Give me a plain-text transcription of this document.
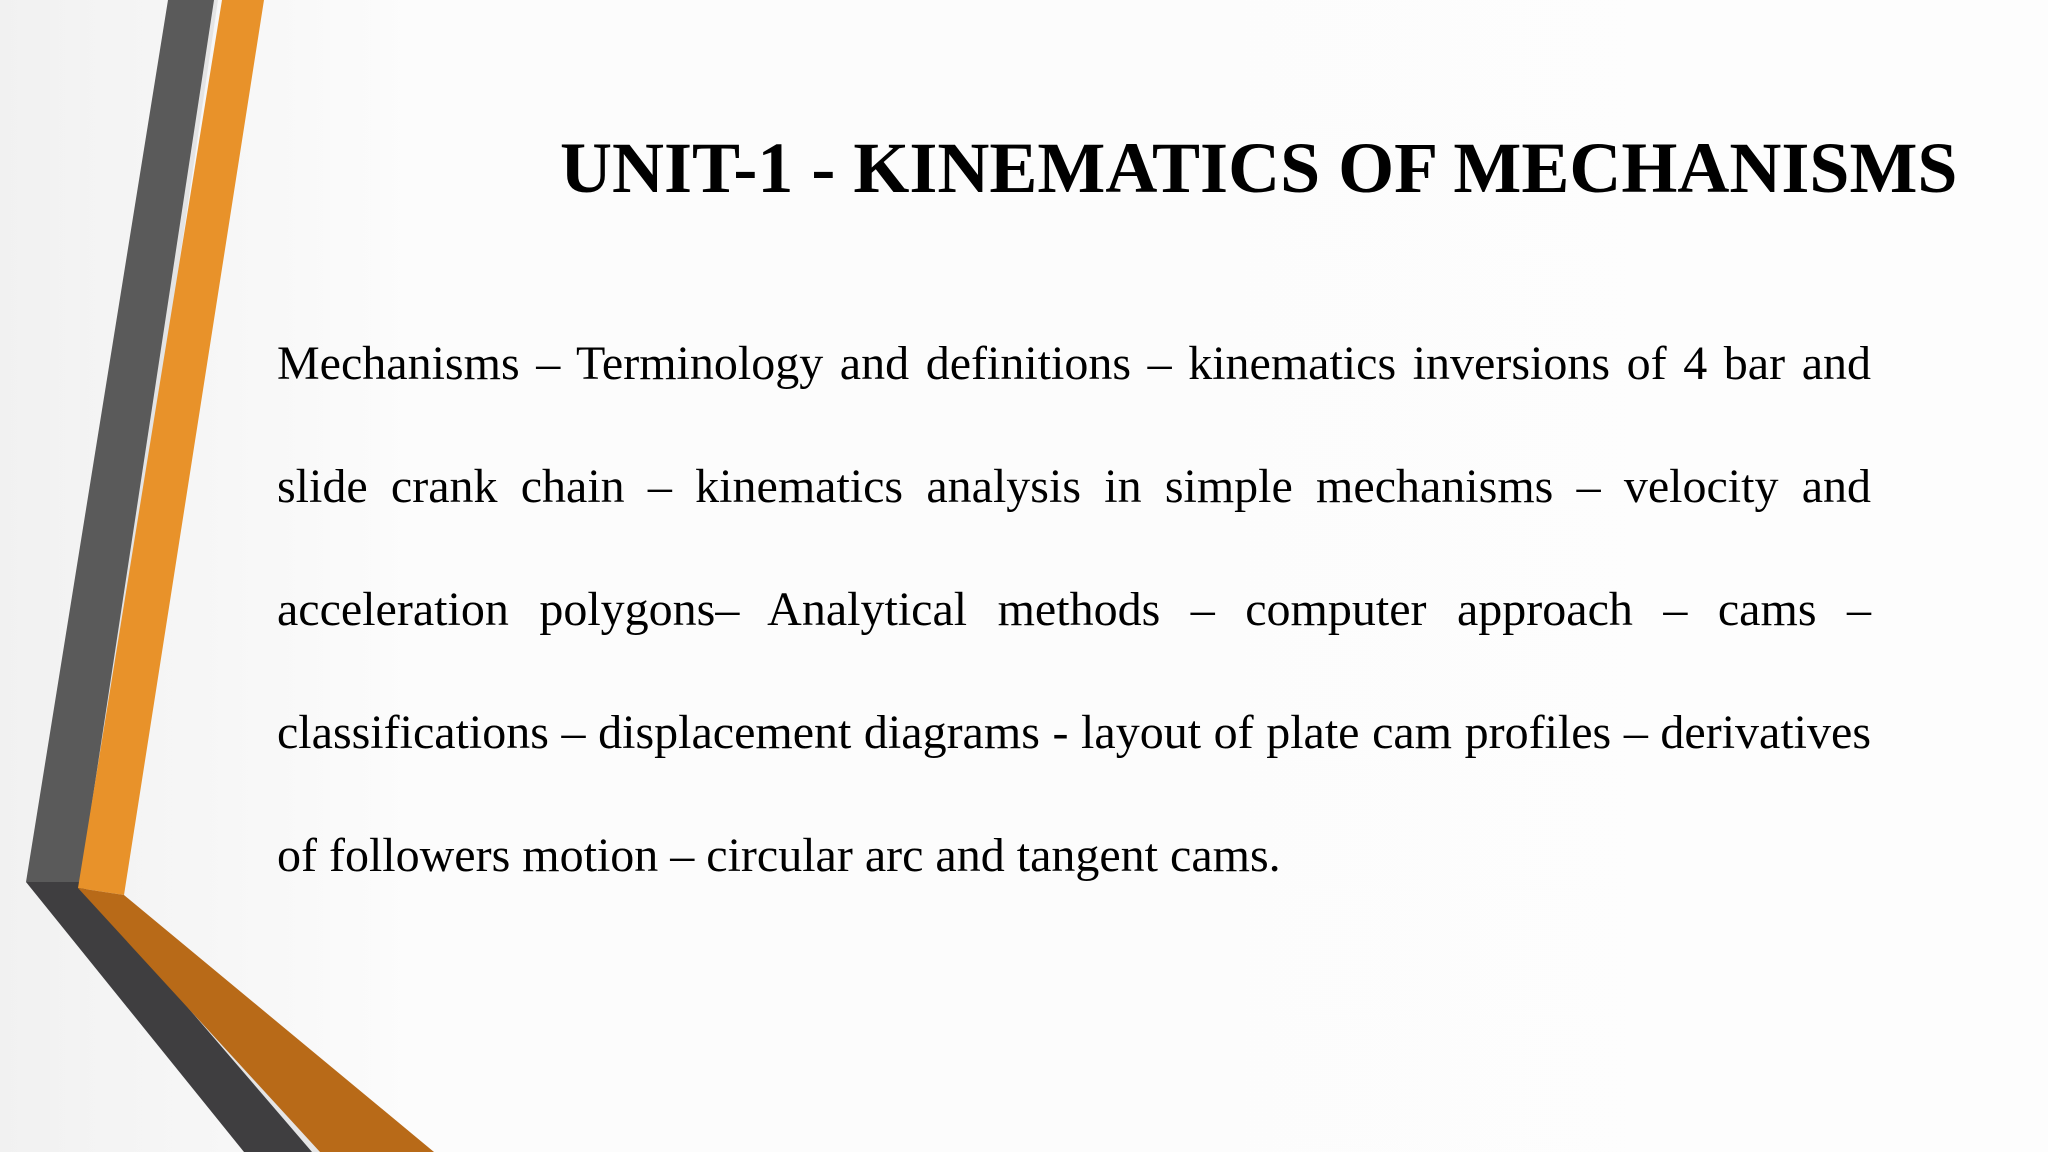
UNIT-1 - KINEMATICS OF MECHANISMS

Mechanisms – Terminology and definitions – kinematics inversions of 4 bar and slide crank chain – kinematics analysis in simple mechanisms – velocity and acceleration polygons– Analytical methods – computer approach – cams – classifications – displacement diagrams - layout of plate cam profiles – derivatives of followers motion – circular arc and tangent cams.
